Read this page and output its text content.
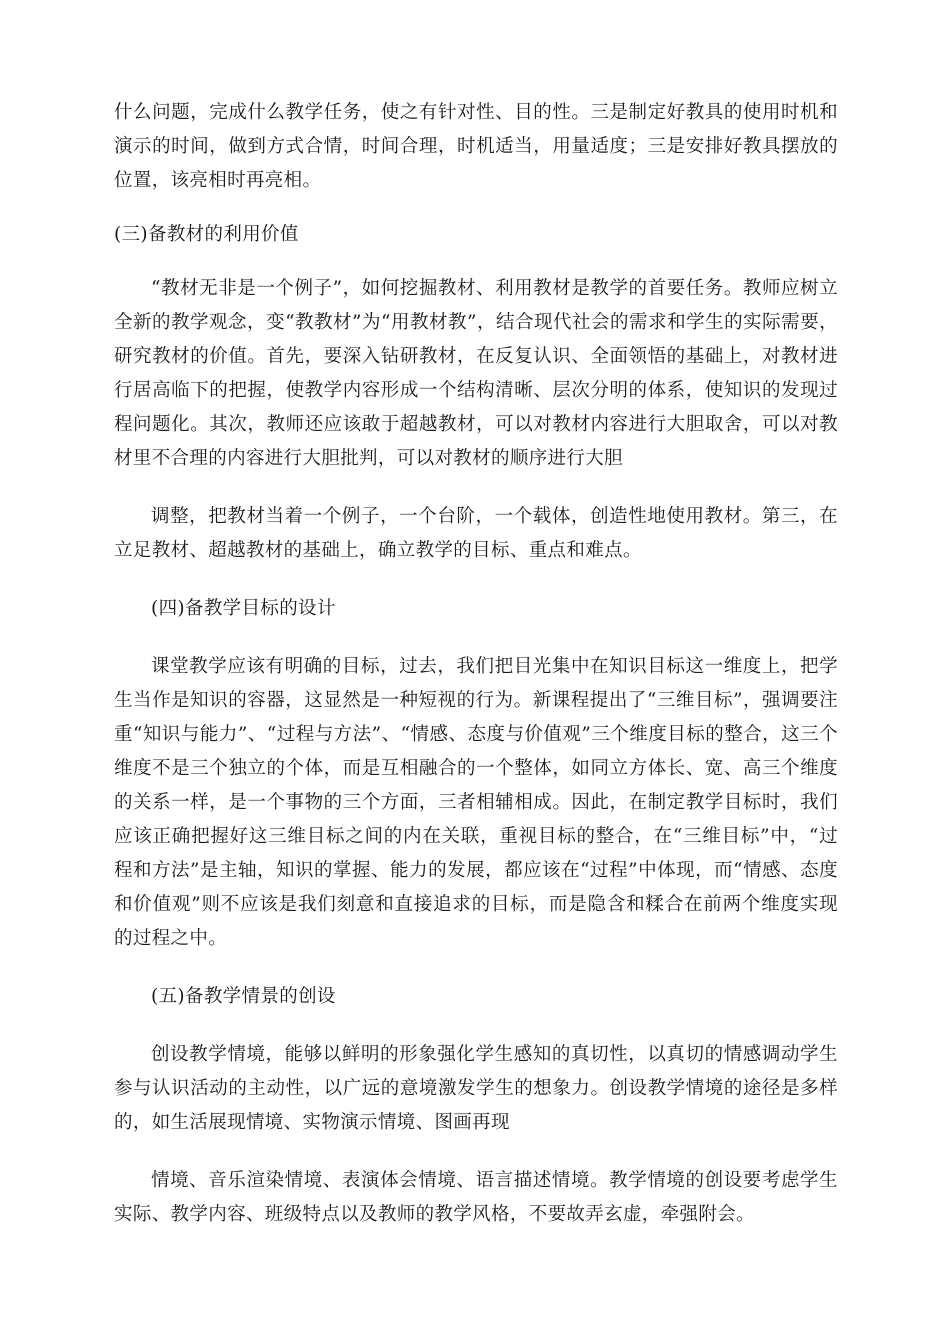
什么问题，完成什么教学任务，使之有针对性、目的性。三是制定好教具的使用时机和演示的时间，做到方式合情，时间合理，时机适当，用量适度；三是安排好教具摆放的位置，该亮相时再亮相。

(三)备教材的利用价值

“教材无非是一个例子”，如何挖掘教材、利用教材是教学的首要任务。教师应树立全新的教学观念，变“教教材”为“用教材教”，结合现代社会的需求和学生的实际需要，研究教材的价值。首先，要深入钻研教材，在反复认识、全面领悟的基础上，对教材进行居高临下的把握，使教学内容形成一个结构清晰、层次分明的体系，使知识的发现过程问题化。其次，教师还应该敢于超越教材，可以对教材内容进行大胆取舍，可以对教材里不合理的内容进行大胆批判，可以对教材的顺序进行大胆

调整，把教材当着一个例子，一个台阶，一个载体，创造性地使用教材。第三，在立足教材、超越教材的基础上，确立教学的目标、重点和难点。

(四)备教学目标的设计

课堂教学应该有明确的目标，过去，我们把目光集中在知识目标这一维度上，把学生当作是知识的容器，这显然是一种短视的行为。新课程提出了“三维目标”，强调要注重“知识与能力”、“过程与方法”、“情感、态度与价值观”三个维度目标的整合，这三个维度不是三个独立的个体，而是互相融合的一个整体，如同立方体长、宽、高三个维度的关系一样，是一个事物的三个方面，三者相辅相成。因此，在制定教学目标时，我们应该正确把握好这三维目标之间的内在关联，重视目标的整合，在“三维目标”中，“过程和方法”是主轴，知识的掌握、能力的发展，都应该在“过程”中体现，而“情感、态度和价值观”则不应该是我们刻意和直接追求的目标，而是隐含和糅合在前两个维度实现的过程之中。

(五)备教学情景的创设

创设教学情境，能够以鲜明的形象强化学生感知的真切性，以真切的情感调动学生参与认识活动的主动性，以广远的意境激发学生的想象力。创设教学情境的途径是多样的，如生活展现情境、实物演示情境、图画再现

情境、音乐渲染情境、表演体会情境、语言描述情境。教学情境的创设要考虑学生实际、教学内容、班级特点以及教师的教学风格，不要故弄玄虚，牵强附会。
